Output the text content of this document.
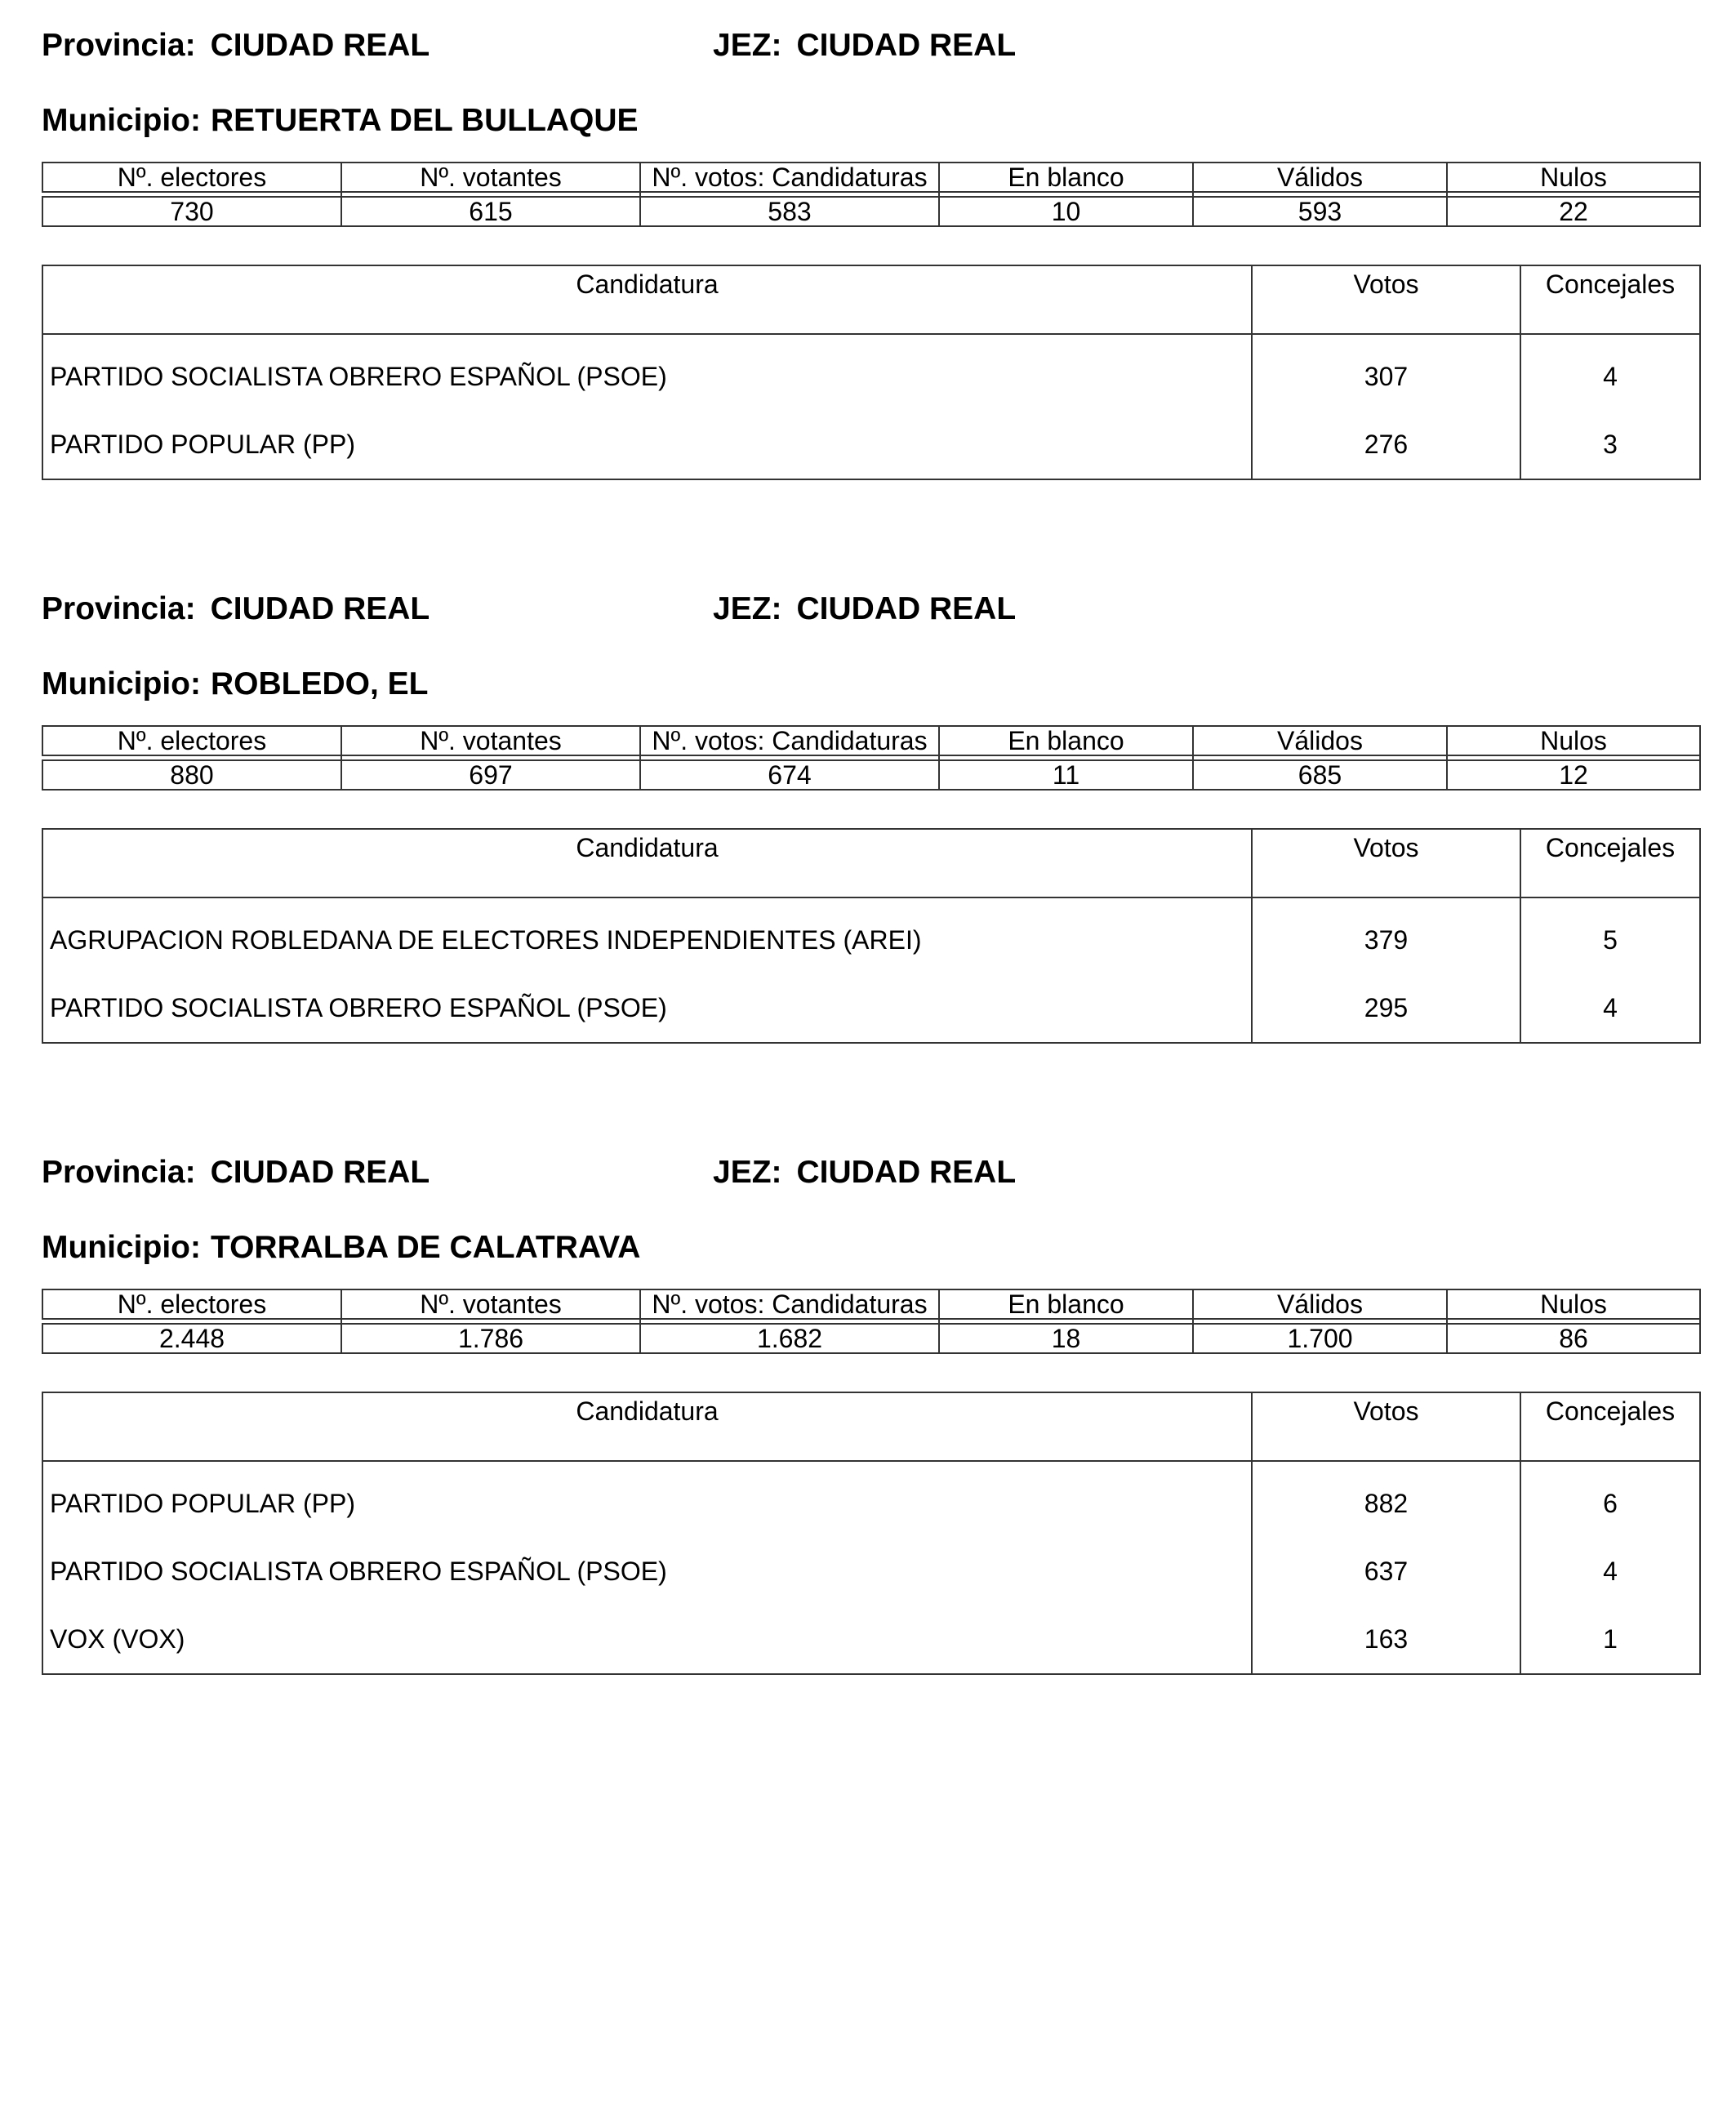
Provincia: CIUDAD REAL	JEZ: CIUDAD REAL
Municipio: RETUERTA DEL BULLAQUE
Nº. electores	Nº. votantes	Nº. votos: Candidaturas	En blanco	Válidos	Nulos

730	615	583	10	593	22
Candidatura	Votos	Concejales
PARTIDO SOCIALISTA OBRERO ESPAÑOL (PSOE)	307	4
PARTIDO POPULAR (PP)	276	3
Provincia: CIUDAD REAL	JEZ: CIUDAD REAL
Municipio: ROBLEDO, EL
Nº. electores	Nº. votantes	Nº. votos: Candidaturas	En blanco	Válidos	Nulos

880	697	674	11	685	12
Candidatura	Votos	Concejales
AGRUPACION ROBLEDANA DE ELECTORES INDEPENDIENTES (AREI)	379	5
PARTIDO SOCIALISTA OBRERO ESPAÑOL (PSOE)	295	4
Provincia: CIUDAD REAL	JEZ: CIUDAD REAL
Municipio: TORRALBA DE CALATRAVA
Nº. electores	Nº. votantes	Nº. votos: Candidaturas	En blanco	Válidos	Nulos

2.448	1.786	1.682	18	1.700	86
Candidatura	Votos	Concejales
PARTIDO POPULAR (PP)	882	6
PARTIDO SOCIALISTA OBRERO ESPAÑOL (PSOE)	637	4
VOX (VOX)	163	1
